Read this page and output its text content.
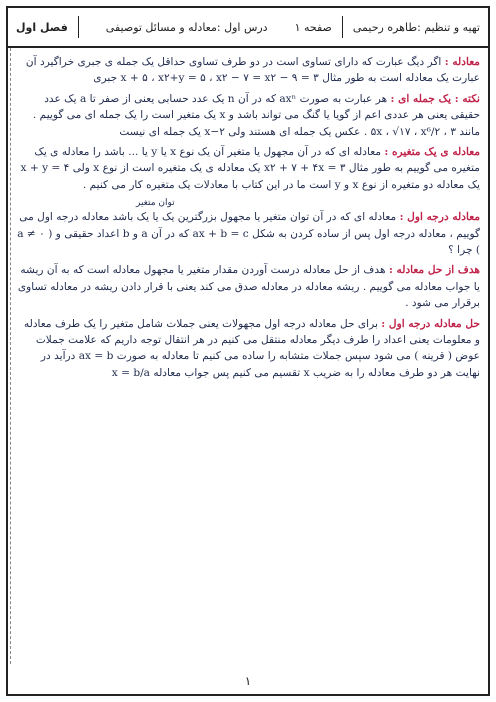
فصل اول	درس اول :معادله و مسائل توصیفی	صفحه ۱ تهیه و تنظیم :طاهره رحیمی

معادله : اگر دیگ عبارت که دارای تساوی است در دو طرف تساوی حداقل یک جمله ی جبری خراگیرد آن عبارت یک معادله است به طور مثال ۳ = x + ۵ ، x۲+y = ۵ ، x۲ − ۷ = x۲ − ۹ جبری

نکته : یک جمله ای : هر عبارت به صورت axⁿ که در آن n یک عدد حسابی یعنی از صفر تا a یک عدد حقیقی یعنی هر عددی اعم از گویا یا گنگ می تواند باشد و x یک متغیر است را یک جمله ای می گوییم . مانند ۵x ، √۱۷ ، x⁶/۲ ، ۳ . عکس یک جمله ای هستند ولی x−۲ یک جمله ای نیست

معادله ی یک متغیره : معادله ای که در آن مجهول یا متغیر آن یک نوع x یا y یا ... باشد را معادله ی یک متغیره می گوییم به طور مثال ۳ = x۲ + ۷ + ۴x یک معادله ی یک متغیره است از نوع x ولی x + y = ۴ یک معادله دو متغیره از نوع x و y است ما در این کتاب با معادلات یک متغیره کار می کنیم .

توان متغیر
معادله درجه اول : معادله ای که در آن توان متغیر یا مجهول بزرگترین یک یا یک باشد معادله درجه اول می گوییم ، معادله درجه اول پس از ساده کردن به شکل ax + b = c که در آن a و b اعداد حقیقی و ( a ≠ ۰ ) چرا ؟

هدف از حل معادله : هدف از حل معادله درست آوردن مقدار متغیر یا مجهول معادله است که به آن ریشه یا جواب معادله می گوییم . ریشه معادله در معادله صدق می کند یعنی با قرار دادن ریشه در معادله تساوی برقرار می شود .

حل معادله درجه اول : برای حل معادله درجه اول مجهولات یعنی جملات شامل متغیر را یک طرف معادله و معلومات یعنی اعداد را طرف دیگر معادله منتقل می کنیم در هر انتقال توجه داریم که علامت جملات عوض ( قرینه ) می شود سپس جملات متشابه را ساده می کنیم تا معادله به صورت ax = b درآید در نهایت هر دو طرف معادله را به ضریب x تقسیم می کنیم پس جواب معادله x = b/a

۱
